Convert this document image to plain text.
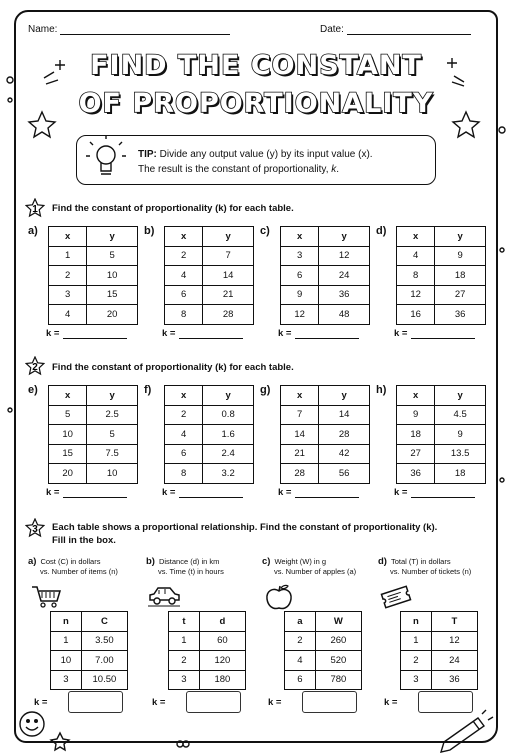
Name:	Date:
FIND THE CONSTANT
OF PROPORTIONALITY
TIP: Divide any output value (y) by its input value (x).
The result is the constant of proportionality, k.
1 Find the constant of proportionality (k) for each table.
a)	x	y
1	5
2	10
3	15
4	20
k =
b)	x	y
2	7
4	14
6	21
8	28
k =
c)	x	y
3	12
6	24
9	36
12	48
k =
d)	x	y
4	9
8	18
12	27
16	36
k =
2 Find the constant of proportionality (k) for each table.
e)	x	y
5	2.5
10	5
15	7.5
20	10
k =
f)	x	y
2	0.8
4	1.6
6	2.4
8	3.2
k =
g)	x	y
7	14
14	28
21	42
28	56
k =
h)	x	y
9	4.5
18	9
27	13.5
36	18
k =
3 Each table shows a proportional relationship. Find the constant of proportionality (k).
Fill in the box.
a) Cost (C) in dollars
vs. Number of items (n)
n	C
1	3.50
10	7.00
3	10.50
k =
b) Distance (d) in km
vs. Time (t) in hours
t	d
1	60
2	120
3	180
k =
c) Weight (W) in g
vs. Number of apples (a)
a	W
2	260
4	520
6	780
k =
d) Total (T) in dollars
vs. Number of tickets (n)
n	T
1	12
2	24
3	36
k =
